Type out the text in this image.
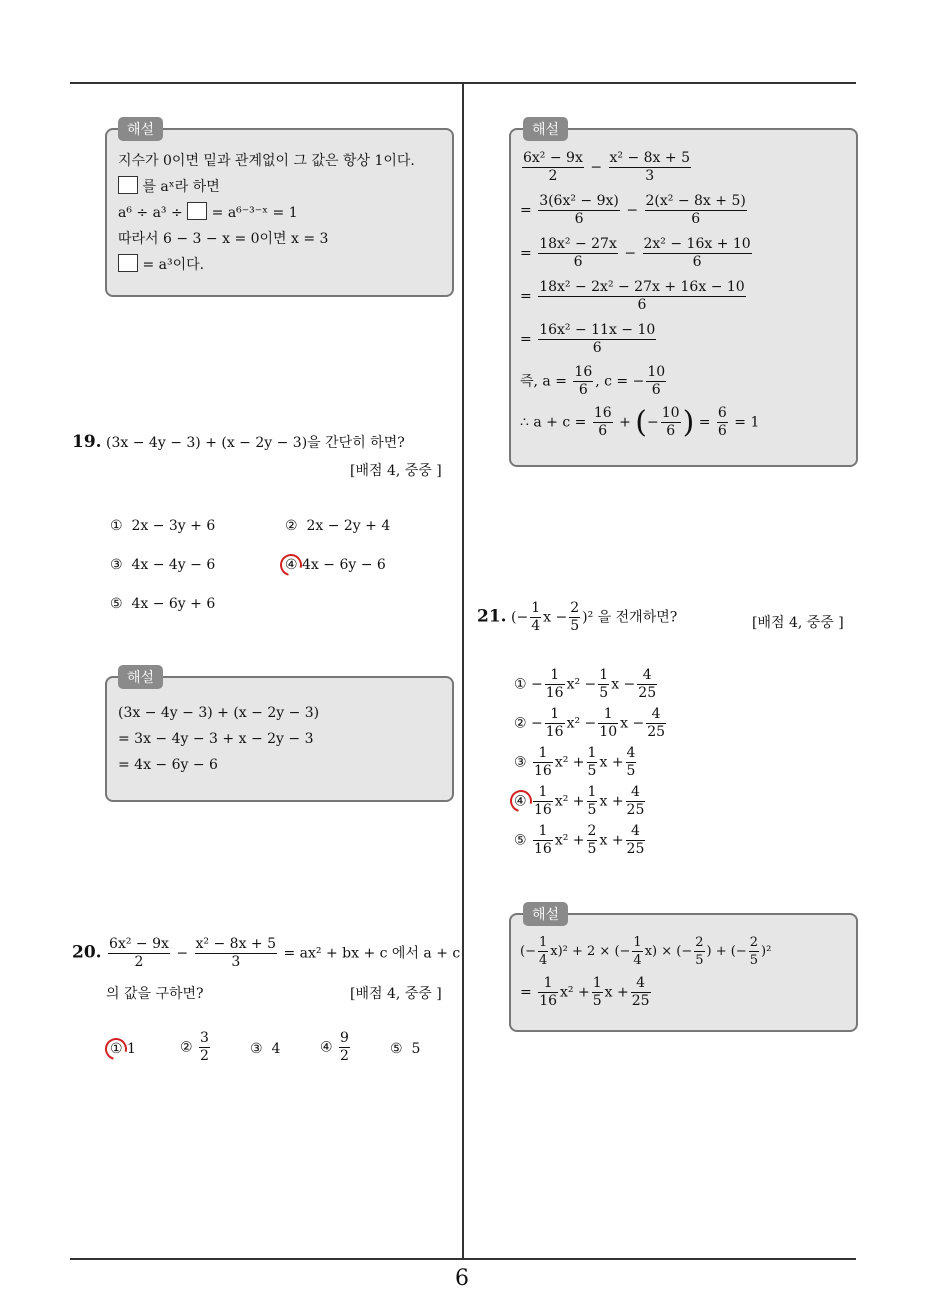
6
해설
지수가 0이면 밑과 관계없이 그 값은 항상 1이다.
를 aˣ라 하면
a⁶ ÷ a³ ÷ = a⁶⁻³⁻ˣ = 1
따라서 6 − 3 − x = 0이면 x = 3
= a³이다.
19. (3x − 4y − 3) + (x − 2y − 3)을 간단히 하면?
[배점 4, 중중 ]
① 2x − 3y + 6	② 2x − 2y + 4
③ 4x − 4y − 6	④ 4x − 6y − 6
⑤ 4x − 6y + 6
해설
(3x − 4y − 3) + (x − 2y − 3)
= 3x − 4y − 3 + x − 2y − 3
= 4x − 6y − 6
20. $\frac{\text{6x² − 9x}}{2} - \frac{\text{x² − 8x + 5}}{3} = ax^2$ + bx + c 에서 a + c
의 값을 구하면?	[배점 4, 중중 ]
① 1	② $\frac{3}{2}$	③ 4	④ $\frac{9}{2}$	⑤ 5
해설
$\frac{\text{6x² − 9x}}{2} - \frac{\text{x² − 8x + 5}}{3}$
= $\frac{\text{3(6x² − 9x)}}{6} - \frac{\text{2(x² − 8x + 5)}}{6}$
= $\frac{\text{18x² − 27x}}{6} - \frac{\text{2x² − 16x + 10}}{6}$
= $\frac{\text{18x² − 2x² − 27x + 16x − 10}}{6}$
= $\frac{\text{16x² − 11x − 10}}{6}$
즉, $a = \frac{16}{6}$ , c = − $\frac{10}{6}$
∴ $a + c = \frac{16}{6}$ + (− $\frac{10}{6}$ ) = $\frac{6}{6} = 1$
21. (− $\frac{1}{4}$ $x - \frac{2}{5} )^2$ 을 전개하면?	[배점 4, 중중 ]
① − $\frac{1}{16} x^2 - \frac{1}{5}$ $x - \frac{4}{25}$
② − $\frac{1}{16} x^2 - \frac{1}{10}$ $x - \frac{4}{25}$
③ $\frac{1}{16} x^2 + \frac{1}{5}$ $x + \frac{4}{5}$
④ $\frac{1}{16} x^2 + \frac{1}{5}$ $x + \frac{4}{25}$
⑤ $\frac{1}{16} x^2 + \frac{2}{5}$ $x + \frac{4}{25}$
해설
(− $\frac{1}{4} x)^2 + 2$ × (− $\frac{1}{4} x$) × (− $\frac{2}{5}$ ) + (− $\frac{2}{5} )^2$
= $\frac{1}{16} x^2 + \frac{1}{5}$ $x + \frac{4}{25}$
